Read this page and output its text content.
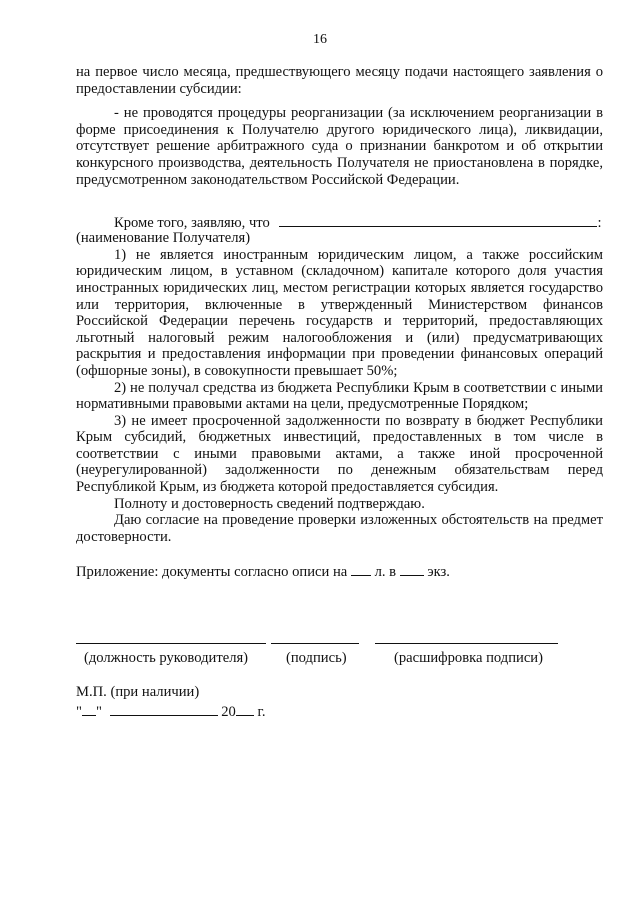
16

на первое число месяца, предшествующего месяцу подачи настоящего заявления о предоставлении субсидии:

- не проводятся процедуры реорганизации (за исключением реорганизации в форме присоединения к Получателю другого юридического лица), ликвидации, отсутствует решение арбитражного суда о признании банкротом и об открытии конкурсного производства, деятельность Получателя не приостановлена в порядке, предусмотренном законодательством Российской Федерации.

Кроме того, заявляю, что	:

(наименование Получателя)

1) не является иностранным юридическим лицом, а также российским юридическим лицом, в уставном (складочном) капитале которого доля участия иностранных юридических лиц, местом регистрации которых является государство или территория, включенные в утвержденный Министерством финансов Российской Федерации перечень государств и территорий, предоставляющих льготный налоговый режим налогообложения и (или) предусматривающих раскрытия и предоставления информации при проведении финансовых операций (офшорные зоны), в совокупности превышает 50%;

2) не получал средства из бюджета Республики Крым в соответствии с иными нормативными правовыми актами на цели, предусмотренные Порядком;

3) не имеет просроченной задолженности по возврату в бюджет Республики Крым субсидий, бюджетных инвестиций, предоставленных в том числе в соответствии с иными правовыми актами, а также иной просроченной (неурегулированной) задолженности по денежным обязательствам перед Республикой Крым, из бюджета которой предоставляется субсидия.

Полноту и достоверность сведений подтверждаю.

Даю согласие на проведение проверки изложенных обстоятельств на предмет достоверности.

Приложение: документы согласно описи на л. в экз.
(должность руководителя)	(подпись)	(расшифровка подписи)
М.П. (при наличии)
" "	20 г.
